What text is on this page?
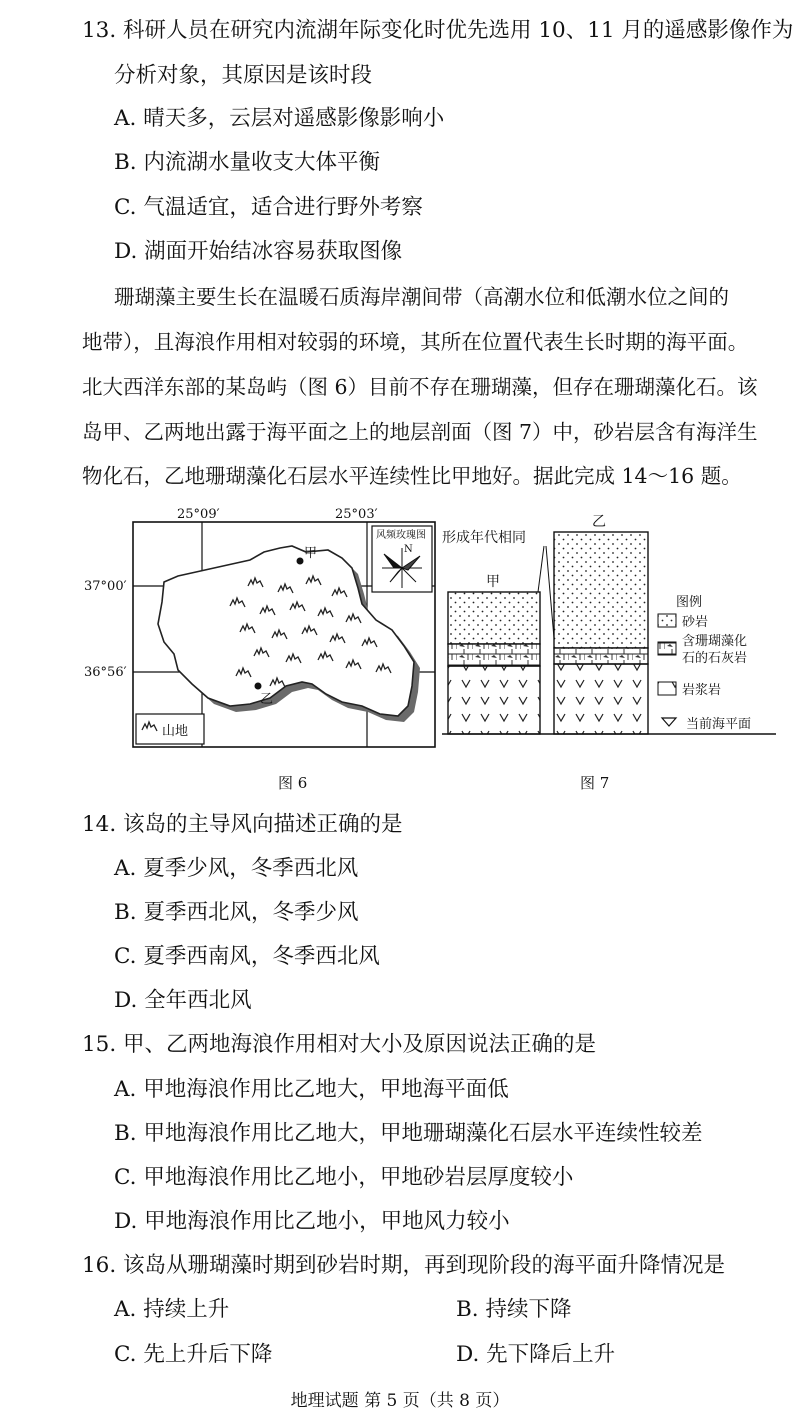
13. 科研人员在研究内流湖年际变化时优先选用 10、11 月的遥感影像作为
分析对象，其原因是该时段
A. 晴天多，云层对遥感影像影响小
B. 内流湖水量收支大体平衡
C. 气温适宜，适合进行野外考察
D. 湖面开始结冰容易获取图像
珊瑚藻主要生长在温暖石质海岸潮间带（高潮水位和低潮水位之间的
地带），且海浪作用相对较弱的环境，其所在位置代表生长时期的海平面。
北大西洋东部的某岛屿（图 6）目前不存在珊瑚藻，但存在珊瑚藻化石。该
岛甲、乙两地出露于海平面之上的地层剖面（图 7）中，砂岩层含有海洋生
物化石，乙地珊瑚藻化石层水平连续性比甲地好。据此完成 14～16 题。
甲
乙
25°09′	25°03′
37°00′
36°56′
风频玫瑰图
N
山地
形成年代相同
甲
乙
图例
砂岩
含珊瑚藻化
石的石灰岩
岩浆岩
当前海平面
图 6	图 7
14. 该岛的主导风向描述正确的是
A. 夏季少风，冬季西北风
B. 夏季西北风，冬季少风
C. 夏季西南风，冬季西北风
D. 全年西北风
15. 甲、乙两地海浪作用相对大小及原因说法正确的是
A. 甲地海浪作用比乙地大，甲地海平面低
B. 甲地海浪作用比乙地大，甲地珊瑚藻化石层水平连续性较差
C. 甲地海浪作用比乙地小，甲地砂岩层厚度较小
D. 甲地海浪作用比乙地小，甲地风力较小
16. 该岛从珊瑚藻时期到砂岩时期，再到现阶段的海平面升降情况是
A. 持续上升	B. 持续下降
C. 先上升后下降	D. 先下降后上升
地理试题 第 5 页（共 8 页）
